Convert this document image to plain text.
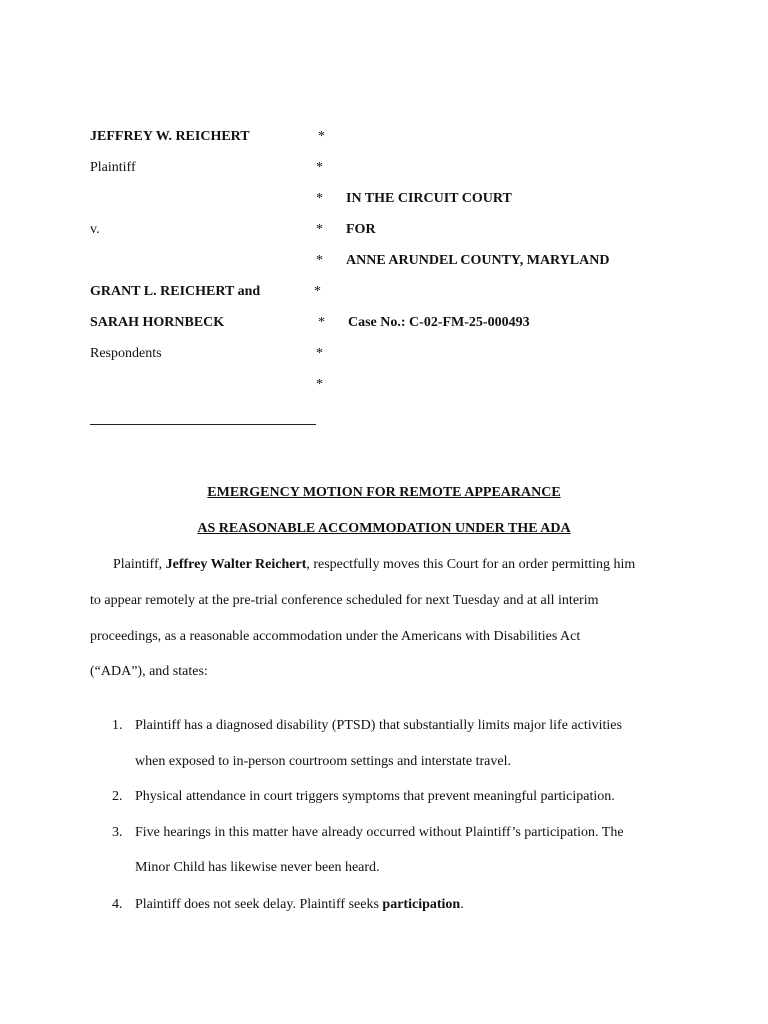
JEFFREY W. REICHERT
Plaintiff
v.
GRANT L. REICHERT and
SARAH HORNBECK
Respondents
*
*
*
*
*
*
*
*
*
IN THE CIRCUIT COURT
FOR
ANNE ARUNDEL COUNTY, MARYLAND
Case No.: C-02-FM-25-000493
EMERGENCY MOTION FOR REMOTE APPEARANCE
AS REASONABLE ACCOMMODATION UNDER THE ADA
Plaintiff, Jeffrey Walter Reichert, respectfully moves this Court for an order permitting him
to appear remotely at the pre-trial conference scheduled for next Tuesday and at all interim
proceedings, as a reasonable accommodation under the Americans with Disabilities Act
(“ADA”), and states:
1. Plaintiff has a diagnosed disability (PTSD) that substantially limits major life activities
when exposed to in-person courtroom settings and interstate travel.
2. Physical attendance in court triggers symptoms that prevent meaningful participation.
3. Five hearings in this matter have already occurred without Plaintiff’s participation. The
Minor Child has likewise never been heard.
4. Plaintiff does not seek delay. Plaintiff seeks participation.
